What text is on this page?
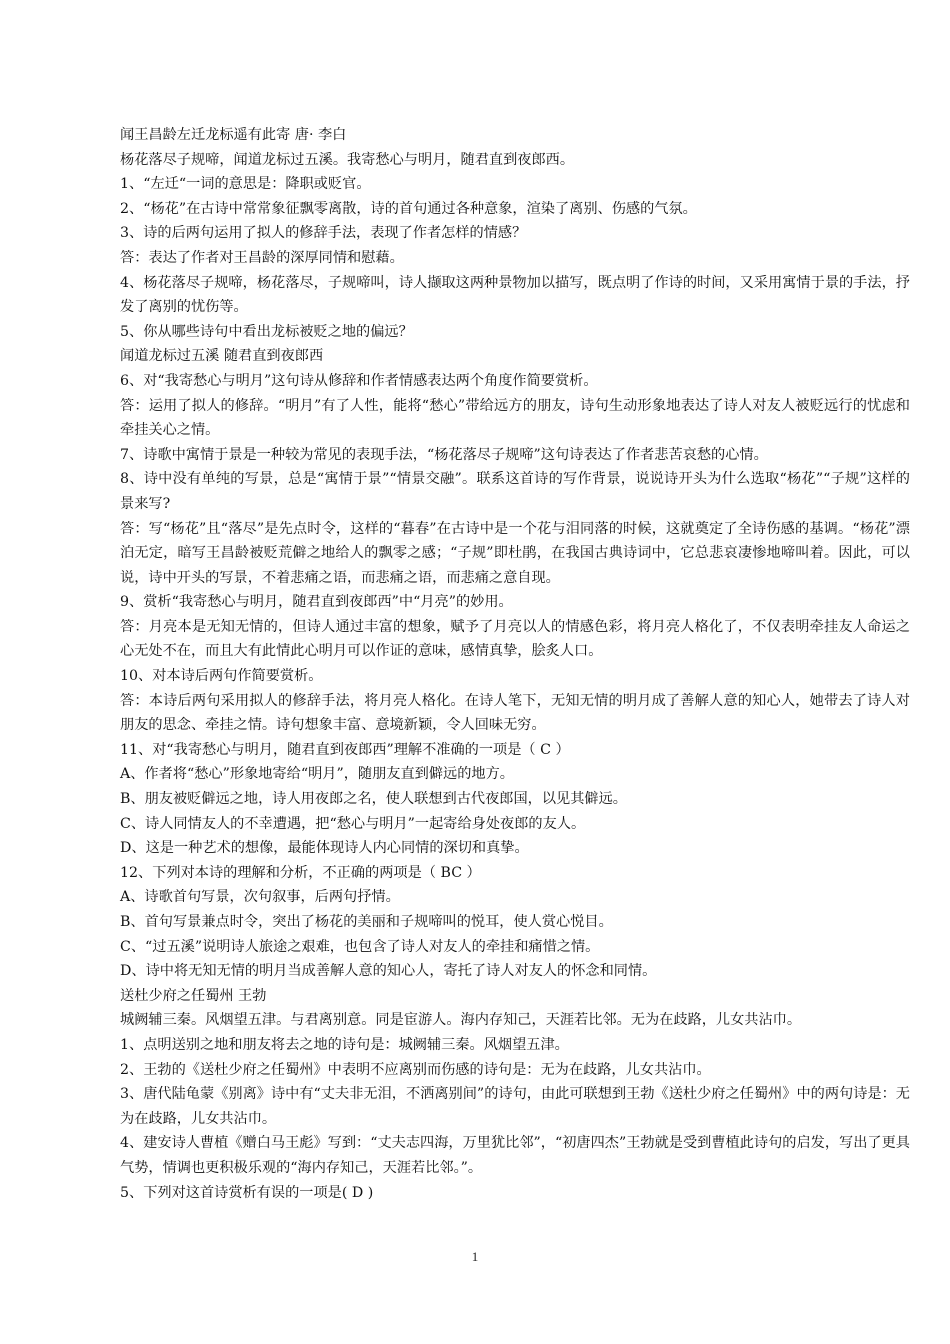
闻王昌龄左迁龙标遥有此寄 唐· 李白

杨花落尽子规啼，闻道龙标过五溪。我寄愁心与明月，随君直到夜郎西。

1、“左迁“一词的意思是：降职或贬官。

2、“杨花”在古诗中常常象征飘零离散，诗的首句通过各种意象，渲染了离别、伤感的气氛。

3、诗的后两句运用了拟人的修辞手法，表现了作者怎样的情感？

答：表达了作者对王昌龄的深厚同情和慰藉。

4、杨花落尽子规啼，杨花落尽，子规啼叫，诗人撷取这两种景物加以描写，既点明了作诗的时间，又采用寓情于景的手法，抒发了离别的忧伤等。

5、你从哪些诗句中看出龙标被贬之地的偏远？

闻道龙标过五溪 随君直到夜郎西

6、对“我寄愁心与明月”这句诗从修辞和作者情感表达两个角度作简要赏析。

答：运用了拟人的修辞。“明月”有了人性，能将“愁心”带给远方的朋友，诗句生动形象地表达了诗人对友人被贬远行的忧虑和牵挂关心之情。

7、诗歌中寓情于景是一种较为常见的表现手法，“杨花落尽子规啼”这句诗表达了作者悲苦哀愁的心情。

8、诗中没有单纯的写景，总是“寓情于景”“情景交融”。联系这首诗的写作背景，说说诗开头为什么选取“杨花”“子规”这样的景来写?

答：写“杨花”且“落尽”是先点时令，这样的“暮春”在古诗中是一个花与泪同落的时候，这就奠定了全诗伤感的基调。“杨花”漂泊无定，暗写王昌龄被贬荒僻之地给人的飘零之感；“子规”即杜鹃，在我国古典诗词中，它总悲哀凄惨地啼叫着。因此，可以说，诗中开头的写景，不着悲痛之语，而悲痛之语，而悲痛之意自现。

9、赏析“我寄愁心与明月，随君直到夜郎西”中“月亮”的妙用。

答：月亮本是无知无情的，但诗人通过丰富的想象，赋予了月亮以人的情感色彩，将月亮人格化了，不仅表明牵挂友人命运之心无处不在，而且大有此情此心明月可以作证的意味，感情真挚，脍炙人口。

10、对本诗后两句作简要赏析。

答：本诗后两句采用拟人的修辞手法，将月亮人格化。在诗人笔下，无知无情的明月成了善解人意的知心人，她带去了诗人对朋友的思念、牵挂之情。诗句想象丰富、意境新颖，令人回味无穷。

11、对“我寄愁心与明月，随君直到夜郎西”理解不准确的一项是（ C ）

A、作者将“愁心”形象地寄给“明月”，随朋友直到僻远的地方。

B、朋友被贬僻远之地，诗人用夜郎之名，使人联想到古代夜郎国，以见其僻远。

C、诗人同情友人的不幸遭遇，把“愁心与明月”一起寄给身处夜郎的友人。

D、这是一种艺术的想像，最能体现诗人内心同情的深切和真挚。

12、下列对本诗的理解和分析，不正确的两项是（ BC ）

A、诗歌首句写景，次句叙事，后两句抒情。

B、首句写景兼点时令，突出了杨花的美丽和子规啼叫的悦耳，使人赏心悦目。

C、“过五溪”说明诗人旅途之艰难，也包含了诗人对友人的牵挂和痛惜之情。

D、诗中将无知无情的明月当成善解人意的知心人，寄托了诗人对友人的怀念和同情。

送杜少府之任蜀州 王勃

城阙辅三秦。风烟望五津。与君离别意。同是宦游人。海内存知己，天涯若比邻。无为在歧路，儿女共沾巾。

1、点明送别之地和朋友将去之地的诗句是：城阙辅三秦。风烟望五津。

2、王勃的《送杜少府之任蜀州》中表明不应离别而伤感的诗句是：无为在歧路，儿女共沾巾。

3、唐代陆龟蒙《别离》诗中有“丈夫非无泪，不洒离别间”的诗句，由此可联想到王勃《送杜少府之任蜀州》中的两句诗是：无为在歧路，儿女共沾巾。

4、建安诗人曹植《赠白马王彪》写到：“丈夫志四海，万里犹比邻”，“初唐四杰”王勃就是受到曹植此诗句的启发，写出了更具气势，情调也更积极乐观的“海内存知己，天涯若比邻。”。

5、下列对这首诗赏析有误的一项是( D )

1
